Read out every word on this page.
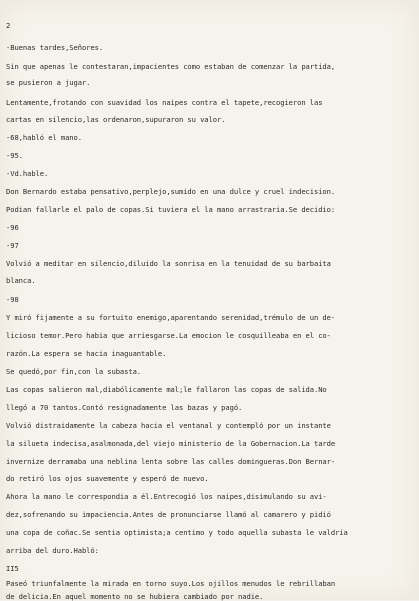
2
-Buenas tardes,Señores.
Sin que apenas le contestaran,impacientes como estaban de comenzar la partida,
se pusieron a jugar.
Lentamente,frotando con suavidad los naipes contra el tapete,recogieron las
cartas en silencio,las ordenaron,supuraron su valor.
-68,habló el mano.
-95.
-Vd.hable.
Don Bernardo estaba pensativo,perplejo,sumido en una dulce y cruel indecision.
Podian fallarle el palo de copas.Si tuviera el la mano arrastraria.Se decidio:
-96
-97
Volvió a meditar en silencio,diluido la sonrisa en la tenuidad de su barbaita
blanca.
-98
Y miró fijamente a su fortuito enemigo,aparentando serenidad,trémulo de un de-
licioso temor.Pero habia que arriesgarse.La emocion le cosquilleaba en el co-
razón.La espera se hacia inaguantable.
Se quedó,por fin,con la subasta.
Las copas salieron mal,diabólicamente mal;le fallaron las copas de salida.No
llegó a 70 tantos.Contó resignadamente las bazas y pagó.
Volvió distraidamente la cabeza hacia el ventanal y contempló por un instante
la silueta indecisa,asalmonada,del viejo ministerio de la Gobernacion.La tarde
invernize derramaba una neblina lenta sobre las calles domingueras.Don Bernar-
do retiró los ojos suavemente y esperó de nuevo.
Ahora la mano le correspondia a él.Entrecogió los naipes,disimulando su avi-
dez,sofrenando su impaciencia.Antes de pronunciarse llamó al camarero y pidió
una copa de coñac.Se sentia optimista;a centimo y todo aquella subasta le valdría
arriba del duro.Habló:
II5
Paseó triunfalmente la mirada en torno suyo.Los ojillos menudos le rebrillaban
de delicia.En aquel momento no se hubiera cambiado por nadie.
